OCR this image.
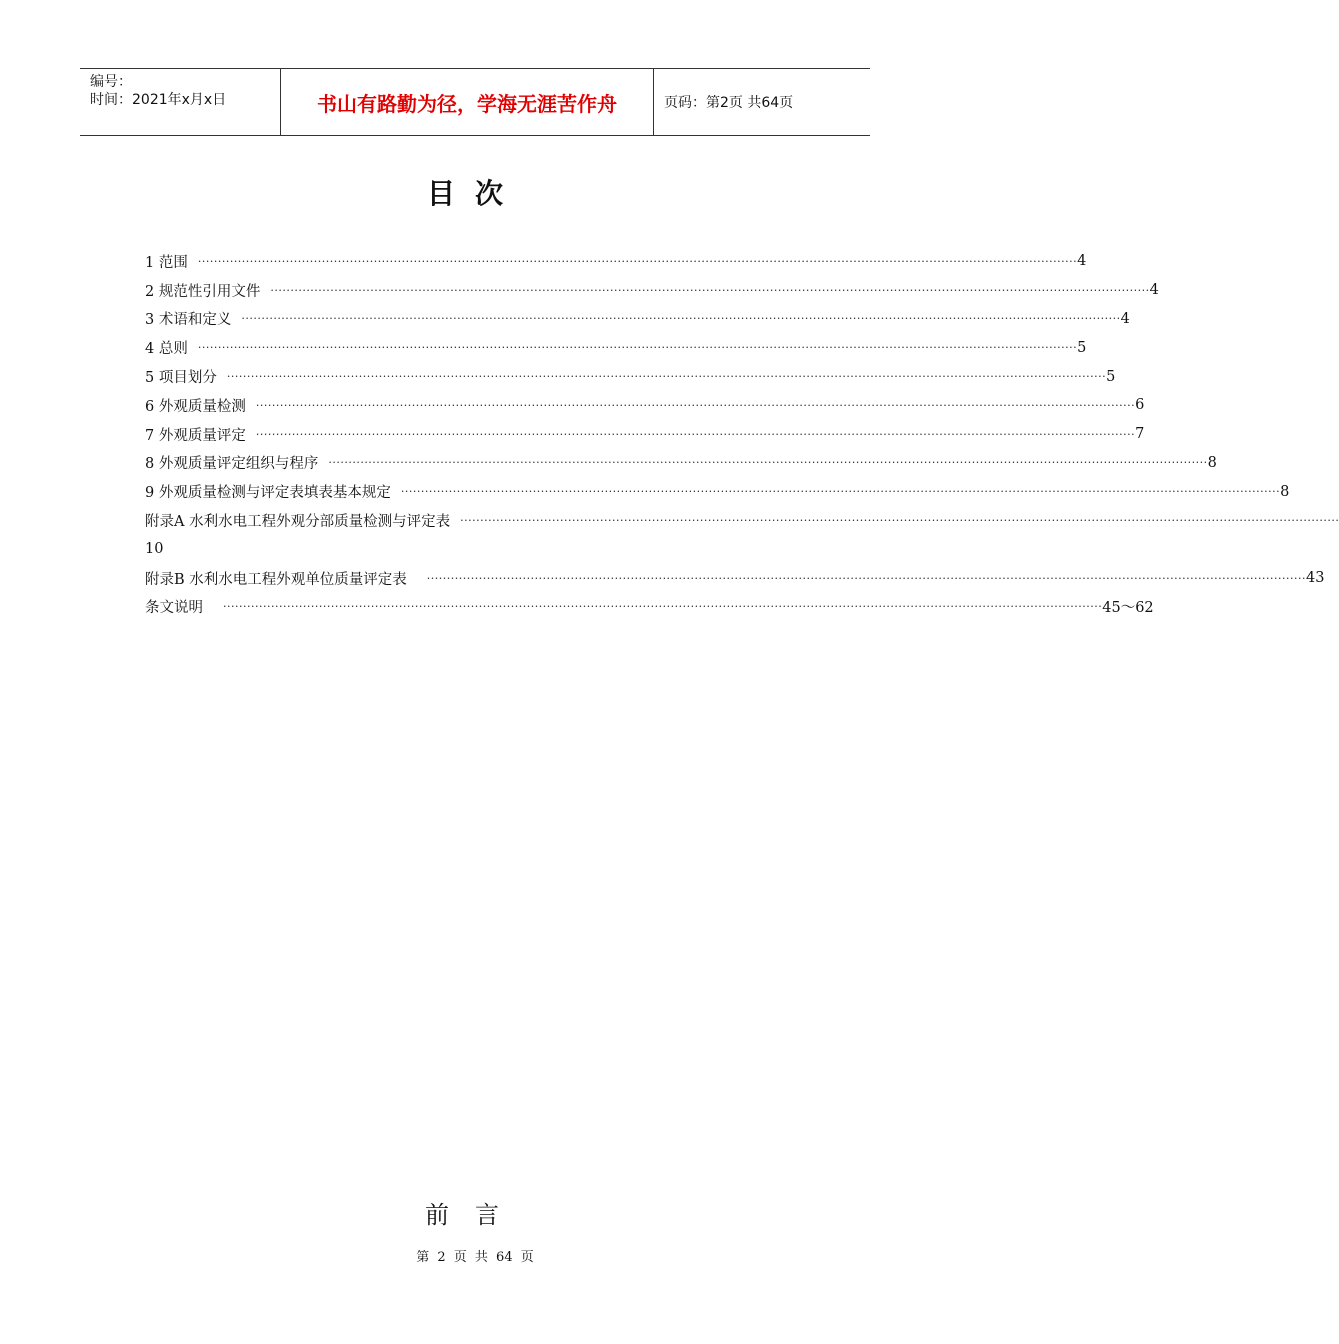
编号：
时间：2021年x月x日	书山有路勤为径，学海无涯苦作舟	页码：第2页 共64页
目次
1 范围 ···························································································································································································································· 4
2 规范性引用文件 ···························································································································································································································· 4
3 术语和定义 ···························································································································································································································· 4
4 总则 ···························································································································································································································· 5
5 项目划分 ···························································································································································································································· 5
6 外观质量检测 ···························································································································································································································· 6
7 外观质量评定 ···························································································································································································································· 7
8 外观质量评定组织与程序 ···························································································································································································································· 8
9 外观质量检测与评定表填表基本规定 ···························································································································································································································· 8
附录A 水利水电工程外观分部质量检测与评定表 ····························································································································································································································
10
附录B 水利水电工程外观单位质量评定表	···························································································································································································································· 43
条文说明	···························································································································································································································· 45～62
前言
第 2 页 共 64 页
